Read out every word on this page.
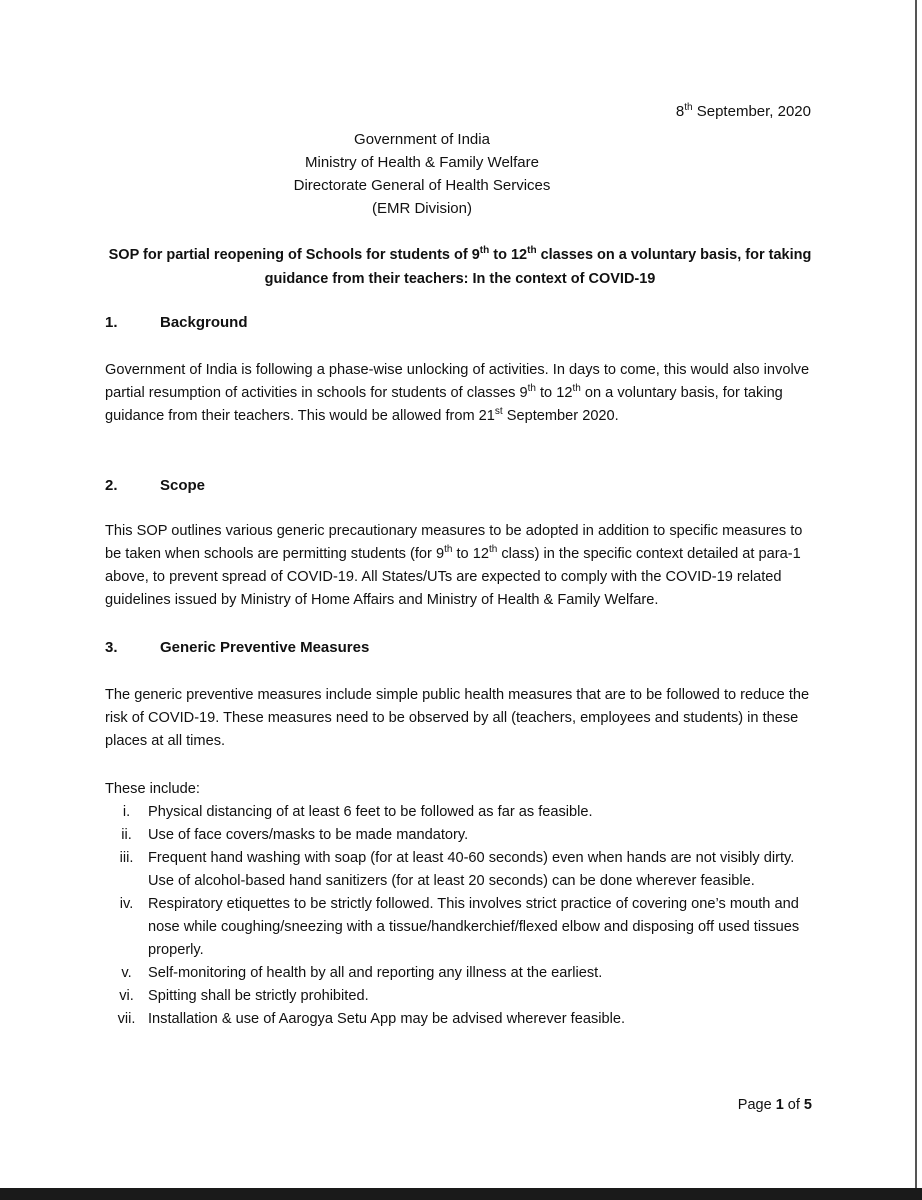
8th September, 2020
Government of India
Ministry of Health & Family Welfare
Directorate General of Health Services
(EMR Division)
SOP for partial reopening of Schools for students of 9th to 12th classes on a voluntary basis, for taking guidance from their teachers: In the context of COVID-19
1.	Background
Government of India is following a phase-wise unlocking of activities. In days to come, this would also involve partial resumption of activities in schools for students of classes 9th to 12th on a voluntary basis, for taking guidance from their teachers. This would be allowed from 21st September 2020.
2.	Scope
This SOP outlines various generic precautionary measures to be adopted in addition to specific measures to be taken when schools are permitting students (for 9th to 12th class) in the specific context detailed at para-1 above, to prevent spread of COVID-19. All States/UTs are expected to comply with the COVID-19 related guidelines issued by Ministry of Home Affairs and Ministry of Health & Family Welfare.
3.	Generic Preventive Measures
The generic preventive measures include simple public health measures that are to be followed to reduce the risk of COVID-19. These measures need to be observed by all (teachers, employees and students) in these places at all times.
These include:
i.	Physical distancing of at least 6 feet to be followed as far as feasible.
ii.	Use of face covers/masks to be made mandatory.
iii.	Frequent hand washing with soap (for at least 40-60 seconds) even when hands are not visibly dirty. Use of alcohol-based hand sanitizers (for at least 20 seconds) can be done wherever feasible.
iv.	Respiratory etiquettes to be strictly followed. This involves strict practice of covering one’s mouth and nose while coughing/sneezing with a tissue/handkerchief/flexed elbow and disposing off used tissues properly.
v.	Self-monitoring of health by all and reporting any illness at the earliest.
vi. Spitting shall be strictly prohibited.
vii. Installation & use of Aarogya Setu App may be advised wherever feasible.
Page 1 of 5
